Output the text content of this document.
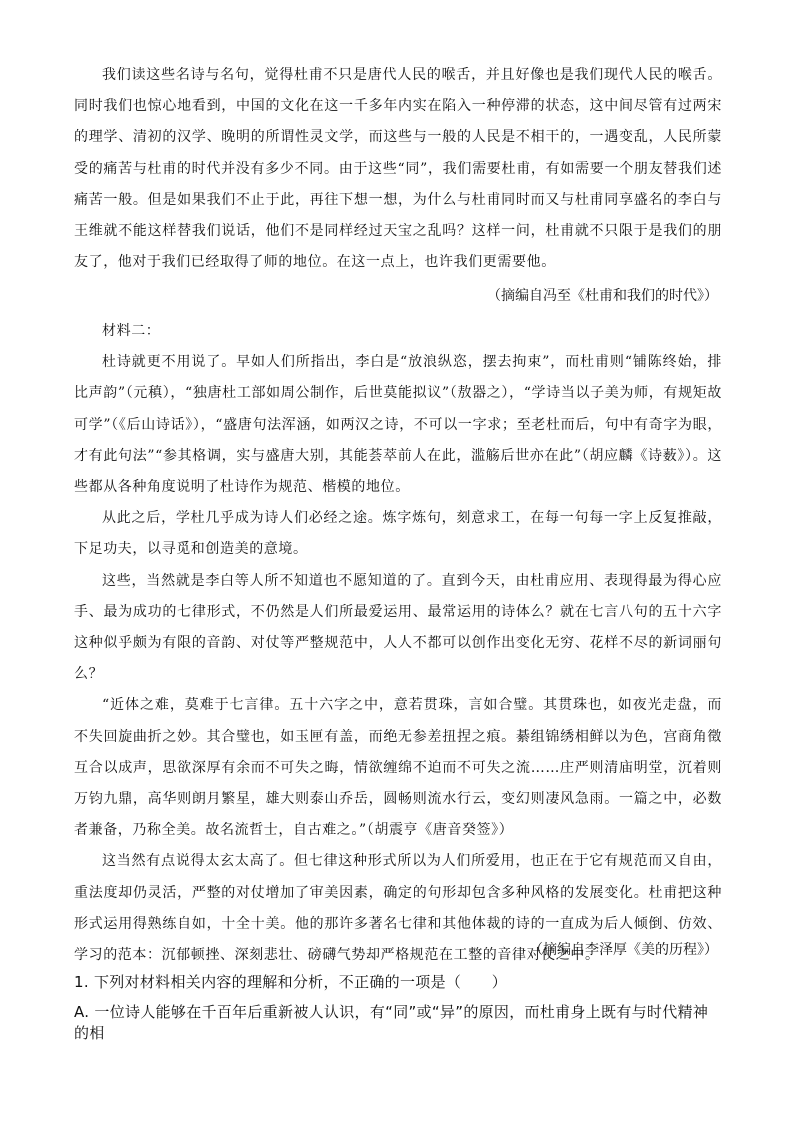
我们读这些名诗与名句，觉得杜甫不只是唐代人民的喉舌，并且好像也是我们现代人民的喉舌。同时我们也惊心地看到，中国的文化在这一千多年内实在陷入一种停滞的状态，这中间尽管有过两宋的理学、清初的汉学、晚明的所谓性灵文学，而这些与一般的人民是不相干的，一遇变乱，人民所蒙受的痛苦与杜甫的时代并没有多少不同。由于这些“同”，我们需要杜甫，有如需要一个朋友替我们述痛苦一般。但是如果我们不止于此，再往下想一想，为什么与杜甫同时而又与杜甫同享盛名的李白与王维就不能这样替我们说话，他们不是同样经过天宝之乱吗？这样一问，杜甫就不只限于是我们的朋友了，他对于我们已经取得了师的地位。在这一点上，也许我们更需要他。

（摘编自冯至《杜甫和我们的时代》）

材料二：

杜诗就更不用说了。早如人们所指出，李白是“放浪纵恣，摆去拘束”，而杜甫则“铺陈终始，排比声韵”（元稹），“独唐杜工部如周公制作，后世莫能拟议”（敖器之），“学诗当以子美为师，有规矩故可学”（《后山诗话》），“盛唐句法浑涵，如两汉之诗，不可以一字求；至老杜而后，句中有奇字为眼，才有此句法”“参其格调，实与盛唐大别，其能荟萃前人在此，滥觞后世亦在此”（胡应麟《诗薮》）。这些都从各种角度说明了杜诗作为规范、楷模的地位。

从此之后，学杜几乎成为诗人们必经之途。炼字炼句，刻意求工，在每一句每一字上反复推敲，下足功夫，以寻觅和创造美的意境。

这些，当然就是李白等人所不知道也不愿知道的了。直到今天，由杜甫应用、表现得最为得心应手、最为成功的七律形式，不仍然是人们所最爱运用、最常运用的诗体么？就在七言八句的五十六字这种似乎颇为有限的音韵、对仗等严整规范中，人人不都可以创作出变化无穷、花样不尽的新词丽句么？

“近体之难，莫难于七言律。五十六字之中，意若贯珠，言如合璧。其贯珠也，如夜光走盘，而不失回旋曲折之妙。其合璧也，如玉匣有盖，而绝无参差扭捏之痕。綦组锦绣相鲜以为色，宫商角徵互合以成声，思欲深厚有余而不可失之晦，情欲缠绵不迫而不可失之流……庄严则清庙明堂，沉着则万钧九鼎，高华则朗月繁星，雄大则泰山乔岳，圆畅则流水行云，变幻则凄风急雨。一篇之中，必数者兼备，乃称全美。故名流哲士，自古难之。”（胡震亨《唐音癸签》）

这当然有点说得太玄太高了。但七律这种形式所以为人们所爱用，也正在于它有规范而又自由，重法度却仍灵活，严整的对仗增加了审美因素，确定的句形却包含多种风格的发展变化。杜甫把这种形式运用得熟练自如，十全十美。他的那许多著名七律和其他体裁的诗的一直成为后人倾倒、仿效、学习的范本：沉郁顿挫、深刻悲壮、磅礴气势却严格规范在工整的音律对仗之中。

（摘编自李泽厚《美的历程》）

1. 下列对材料相关内容的理解和分析，不正确的一项是（　　）

A. 一位诗人能够在千百年后重新被人认识，有“同”或“异”的原因，而杜甫身上既有与时代精神的相
